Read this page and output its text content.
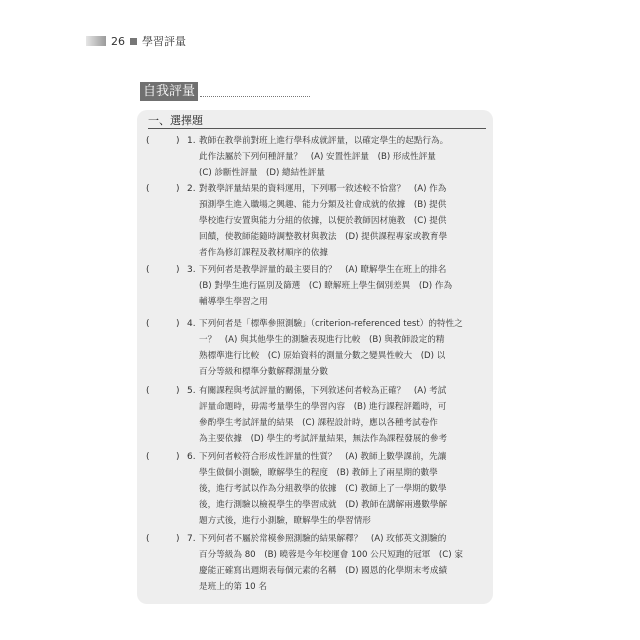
26 學習評量
自我評量
一、選擇題
(	) 1. 教師在教學前對班上進行學科成就評量，以確定學生的起點行為。
此作法屬於下列何種評量？　(A) 安置性評量　(B) 形成性評量
(C) 診斷性評量　(D) 總結性評量
(	) 2. 對教學評量結果的資料運用，下列哪一敘述較不恰當？　(A) 作為
預測學生進入職場之興趣、能力分類及社會成就的依據　(B) 提供
學校進行安置與能力分組的依據，以便於教師因材施教　(C) 提供
回饋，使教師能隨時調整教材與教法　(D) 提供課程專家或教育學
者作為修訂課程及教材順序的依據
(	) 3. 下列何者是教學評量的最主要目的？　(A) 瞭解學生在班上的排名
(B) 對學生進行區別及篩選　(C) 瞭解班上學生個別差異　(D) 作為
輔導學生學習之用
(	) 4. 下列何者是「標準參照測驗」（criterion-referenced test）的特性之
一？　(A) 與其他學生的測驗表現進行比較　(B) 與教師設定的精
熟標準進行比較　(C) 原始資料的測量分數之變異性較大　(D) 以
百分等級和標準分數解釋測量分數
(	) 5. 有關課程與考試評量的關係，下列敘述何者較為正確？　(A) 考試
評量命題時，毋需考量學生的學習內容　(B) 進行課程評鑑時，可
參酌學生考試評量的結果　(C) 課程設計時，應以各種考試卷作
為主要依據　(D) 學生的考試評量結果，無法作為課程發展的參考
(	) 6. 下列何者較符合形成性評量的性質？　(A) 教師上數學課前，先讓
學生做個小測驗，瞭解學生的程度　(B) 教師上了兩星期的數學
後，進行考試以作為分組教學的依據　(C) 教師上了一學期的數學
後，進行測驗以檢視學生的學習成就　(D) 教師在講解兩邊數學解
題方式後，進行小測驗，瞭解學生的學習情形
(	) 7. 下列何者不屬於常模參照測驗的結果解釋？　(A) 玫郁英文測驗的
百分等級為 80　(B) 曉蓉是今年校運會 100 公尺短跑的冠軍　(C) 家
慶能正確寫出週期表每個元素的名稱　(D) 國恩的化學期末考成績
是班上的第 10 名
